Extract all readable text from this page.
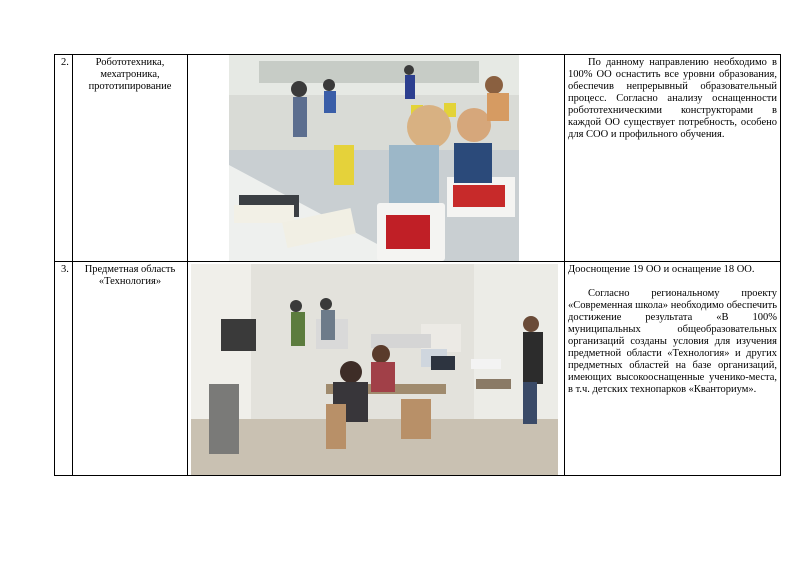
2.	Робототехника, мехатроника, прототипирование		По данному направлению необходимо в 100% ОО оснастить все уровни образования, обеспечив непрерывный образовательный процесс. Согласно анализу оснащенности робототехническими конструкторами в каждой ОО существует потребность, особено для СОО и профильного обучения.

3.	Предметная область «Технология»		Дооснощение 19 ОО и оснащение 18 ОО.

Согласно региональному проекту «Современная школа» необходимо обеспечить достижение результата «В 100% муниципальных общеобразовательных организаций созданы условия для изучения предметной области «Технология» и других предметных областей на базе организаций, имеющих высокооснащенные ученико-места, в т.ч. детских технопарков «Кванториум».
